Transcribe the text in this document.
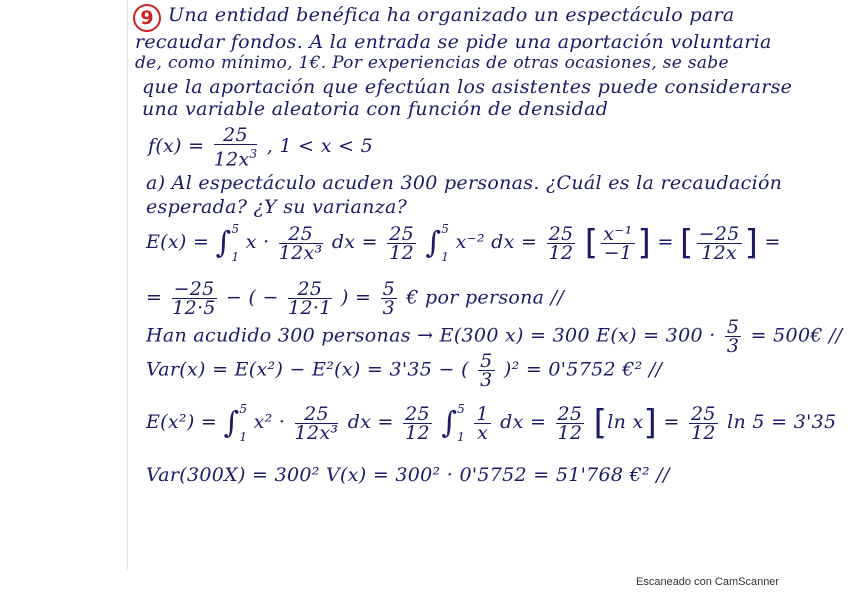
9 Una entidad benéfica ha organizado un espectáculo para
recaudar fondos. A la entrada se pide una aportación voluntaria
de, como mínimo, 1€. Por experiencias de otras ocasiones, se sabe
que la aportación que efectúan los asistentes puede considerarse
una variable aleatoria con función de densidad
$f(x) = \frac{25}{12x^3}$ , 1 < x < 5
a) Al espectáculo acuden 300 personas. ¿Cuál es la recaudación
esperada? ¿Y su varianza?
E(x) = ∫5

1 $x \cdot \frac{25}{\text{12x³}}$ dx = $\frac{25}{12} \int 5$

1 x⁻² dx = $\frac{25}{12}$ [ $\frac{\text{x⁻¹}}{-1}$ ] = [ $\frac{-25}{12x}$ ] =
= $\frac{-25}{12\cdot 5}$ − ( − $\frac{25}{12\cdot 1}$ ) = $\frac{5}{3}$ € por persona //
Han acudido 300 personas → E(300 x) = 300 $E(x) = 300 \cdot \frac{5}{3}$ = 500€ //
Var(x) = E(x²) − E²(x) = 3'35 − ( $\frac{5}{3} )^2 = 0'5752$ €² //
E(x²) = ∫5

1 $x^2 \cdot \frac{25}{\text{12x³}}$ dx = $\frac{25}{12} \int 5$

$1 \frac{1}{x}$ dx = $\frac{25}{12} [\ln$ $x] = \frac{25}{12}$ ln 5 = 3'35
Var(300X) = 300² V(x) = 300² · 0'5752 = 51'768 €² //
Escaneado con CamScanner
